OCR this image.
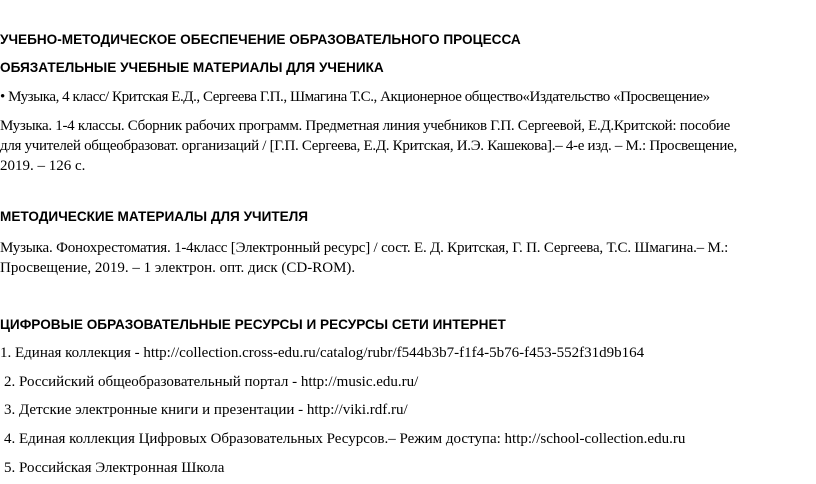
УЧЕБНО-МЕТОДИЧЕСКОЕ ОБЕСПЕЧЕНИЕ ОБРАЗОВАТЕЛЬНОГО ПРОЦЕССА
ОБЯЗАТЕЛЬНЫЕ УЧЕБНЫЕ МАТЕРИАЛЫ ДЛЯ УЧЕНИКА
• Музыка, 4 класс/ Критская Е.Д., Сергеева Г.П., Шмагина Т.С., Акционерное общество«Издательство «Просвещение»
Музыка. 1-4 классы. Сборник рабочих программ. Предметная линия учебников Г.П. Сергеевой, Е.Д.Критской: пособие
для учителей общеобразоват. организаций / [Г.П. Сергеева, Е.Д. Критская, И.Э. Кашекова].– 4-е изд. – М.: Просвещение,
2019. – 126 с.
МЕТОДИЧЕСКИЕ МАТЕРИАЛЫ ДЛЯ УЧИТЕЛЯ
Музыка. Фонохрестоматия. 1-4класс [Электронный ресурс] / сост. Е. Д. Критская, Г. П. Сергеева, Т.С. Шмагина.– М.:
Просвещение, 2019. – 1 электрон. опт. диск (CD-ROM).
ЦИФРОВЫЕ ОБРАЗОВАТЕЛЬНЫЕ РЕСУРСЫ И РЕСУРСЫ СЕТИ ИНТЕРНЕТ
1. Единая коллекция - http://collection.cross-edu.ru/catalog/rubr/f544b3b7-f1f4-5b76-f453-552f31d9b164
2. Российский общеобразовательный портал - http://music.edu.ru/
3. Детские электронные книги и презентации - http://viki.rdf.ru/
4. Единая коллекция Цифровых Образовательных Ресурсов.– Режим доступа: http://school-collection.edu.ru
5. Российская Электронная Школа
